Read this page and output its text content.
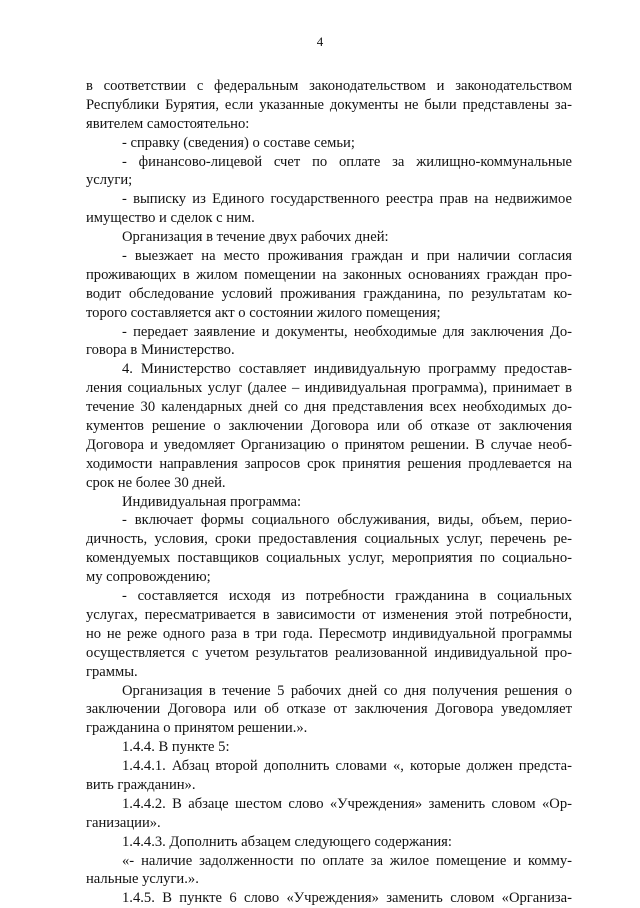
4
в соответствии с федеральным законодательством и законодательством
Республики Бурятия, если указанные документы не были представлены за-
явителем самостоятельно:
- справку (сведения) о составе семьи;
- финансово-лицевой счет по оплате за жилищно-коммунальные
услуги;
- выписку из Единого государственного реестра прав на недвижимое
имущество и сделок с ним.
Организация в течение двух рабочих дней:
- выезжает на место проживания граждан и при наличии согласия
проживающих в жилом помещении на законных основаниях граждан про-
водит обследование условий проживания гражданина, по результатам ко-
торого составляется акт о состоянии жилого помещения;
- передает заявление и документы, необходимые для заключения До-
говора в Министерство.
4. Министерство составляет индивидуальную программу предостав-
ления социальных услуг (далее – индивидуальная программа), принимает в
течение 30 календарных дней со дня представления всех необходимых до-
кументов решение о заключении Договора или об отказе от заключения
Договора и уведомляет Организацию о принятом решении. В случае необ-
ходимости направления запросов срок принятия решения продлевается на
срок не более 30 дней.
Индивидуальная программа:
- включает формы социального обслуживания, виды, объем, перио-
дичность, условия, сроки предоставления социальных услуг, перечень ре-
комендуемых поставщиков социальных услуг, мероприятия по социально-
му сопровождению;
- составляется исходя из потребности гражданина в социальных
услугах, пересматривается в зависимости от изменения этой потребности,
но не реже одного раза в три года. Пересмотр индивидуальной программы
осуществляется с учетом результатов реализованной индивидуальной про-
граммы.
Организация в течение 5 рабочих дней со дня получения решения о
заключении Договора или об отказе от заключения Договора уведомляет
гражданина о принятом решении.».
1.4.4. В пункте 5:
1.4.4.1. Абзац второй дополнить словами «, которые должен предста-
вить гражданин».
1.4.4.2. В абзаце шестом слово «Учреждения» заменить словом «Ор-
ганизации».
1.4.4.3. Дополнить абзацем следующего содержания:
«- наличие задолженности по оплате за жилое помещение и комму-
нальные услуги.».
1.4.5. В пункте 6 слово «Учреждения» заменить словом «Организа-
